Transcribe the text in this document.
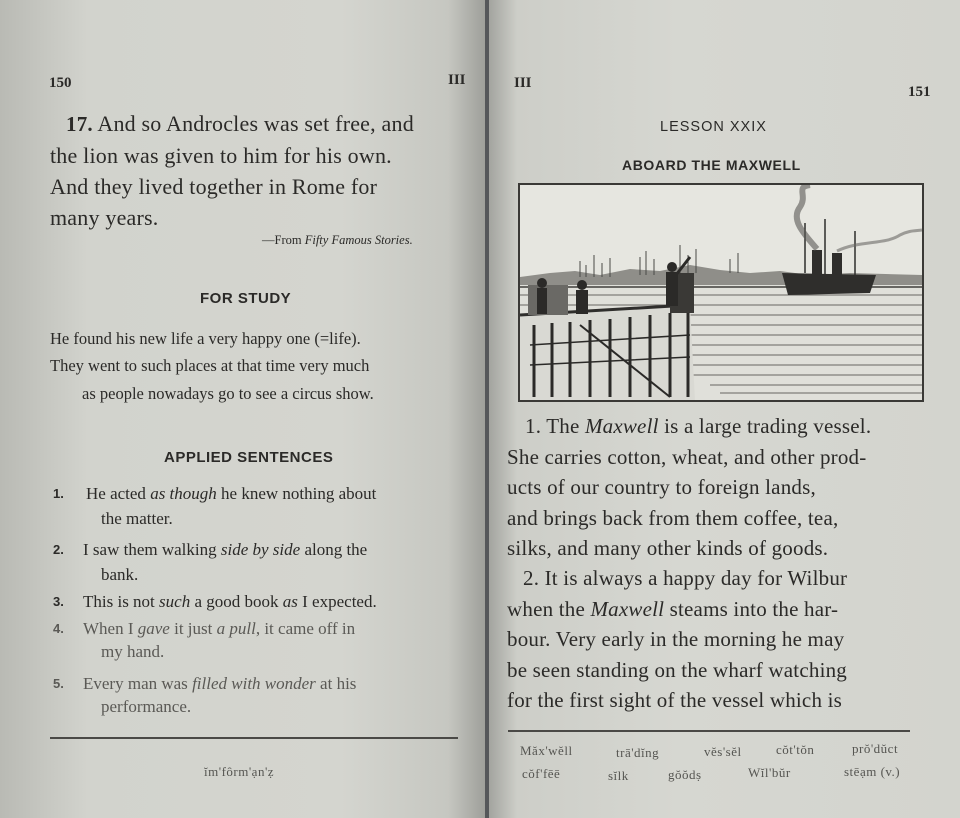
150	III
17. And so Androcles was set free, and
the lion was given to him for his own.
And they lived together in Rome for
many years.
—From Fifty Famous Stories.
FOR STUDY
He found his new life a very happy one (=life).
They went to such places at that time very much
as people nowadays go to see a circus show.
APPLIED SENTENCES
1. He acted as though he knew nothing about
the matter.
2. I saw them walking side by side along the
bank.
3. This is not such a good book as I expected.
4. When I gave it just a pull, it came off in
my hand.
5. Every man was filled with wonder at his
performance.
ĭm'fôrm'ạn'ẓ
III
151
LESSON XXIX
ABOARD THE MAXWELL
1. The Maxwell is a large trading vessel.
She carries cotton, wheat, and other prod-
ucts of our country to foreign lands,
and brings back from them coffee, tea,
silks, and many other kinds of goods.
2. It is always a happy day for Wilbur
when the Maxwell steams into the har-
bour. Very early in the morning he may
be seen standing on the wharf watching
for the first sight of the vessel which is
Măx'wĕll	trā'dĭng	vĕs'sĕl	cŏt'tŏn	prŏ'dŭct
cŏf'fēē	sĭlk	gŏŏdṣ	Wĭl'bŭr	stēạm (v.)
